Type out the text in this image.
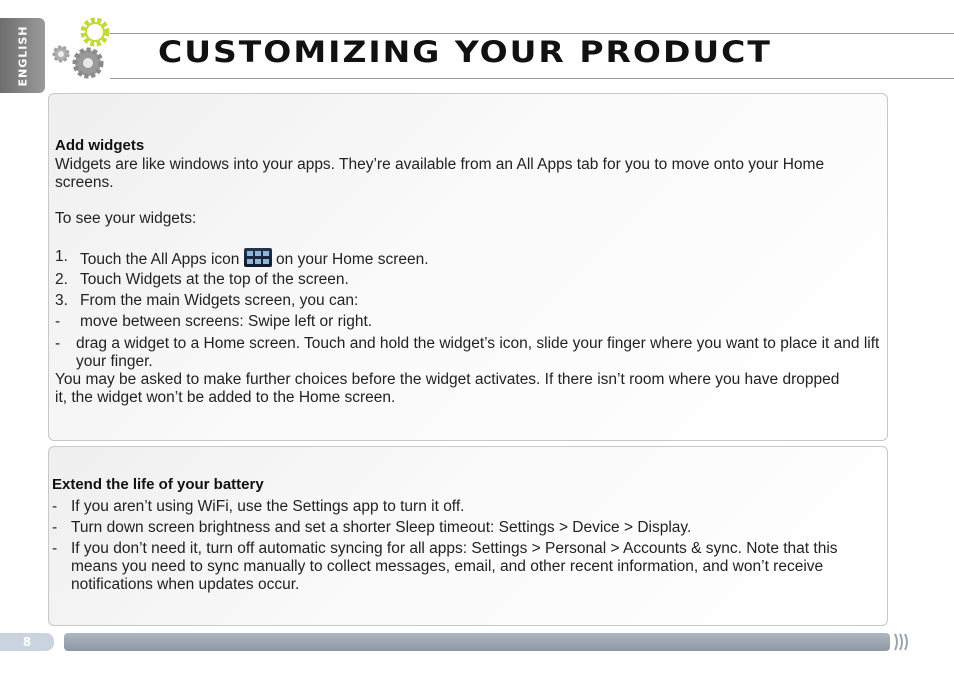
ENGLISH	CUSTOMIZING YOUR PRODUCT
Add widgets

Widgets are like windows into your apps. They’re available from an All Apps tab for you to move onto your Home screens.

To see your widgets:

1. Touch the All Apps icon on your Home screen.
2. Touch Widgets at the top of the screen.
3. From the main Widgets screen, you can:
-	move between screens: Swipe left or right.
-	drag a widget to a Home screen. Touch and hold the widget’s icon, slide your finger where you want to place it and lift your finger.

You may be asked to make further choices before the widget activates. If there isn’t room where you have dropped it, the widget won’t be added to the Home screen.

Extend the life of your battery
- If you aren’t using WiFi, use the Settings app to turn it off.
- Turn down screen brightness and set a shorter Sleep timeout: Settings > Device > Display.
- If you don’t need it, turn off automatic syncing for all apps: Settings > Personal > Accounts & sync. Note that this means you need to sync manually to collect messages, email, and other recent information, and won’t receive notifications when updates occur.
8
